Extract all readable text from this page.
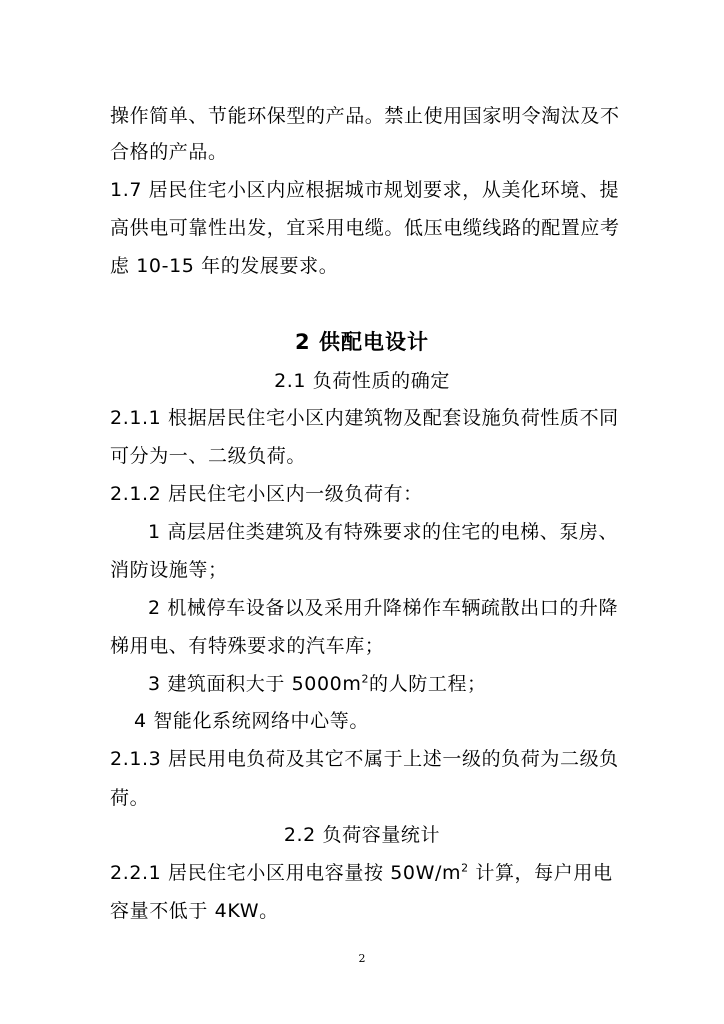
操作简单、节能环保型的产品。禁止使用国家明令淘汰及不
合格的产品。
1.7 居民住宅小区内应根据城市规划要求，从美化环境、提
高供电可靠性出发，宜采用电缆。低压电缆线路的配置应考
虑 10-15 年的发展要求。
2 供配电设计
2.1 负荷性质的确定
2.1.1 根据居民住宅小区内建筑物及配套设施负荷性质不同
可分为一、二级负荷。
2.1.2 居民住宅小区内一级负荷有：
1 高层居住类建筑及有特殊要求的住宅的电梯、泵房、
消防设施等；
2 机械停车设备以及采用升降梯作车辆疏散出口的升降
梯用电、有特殊要求的汽车库；
3 建筑面积大于 $5000m^2$的人防工程；
4 智能化系统网络中心等。
2.1.3 居民用电负荷及其它不属于上述一级的负荷为二级负
荷。
2.2 负荷容量统计
2.2.1 居民住宅小区用电容量按 $50W/m^2$ 计算，每户用电
容量不低于 4KW。
2
